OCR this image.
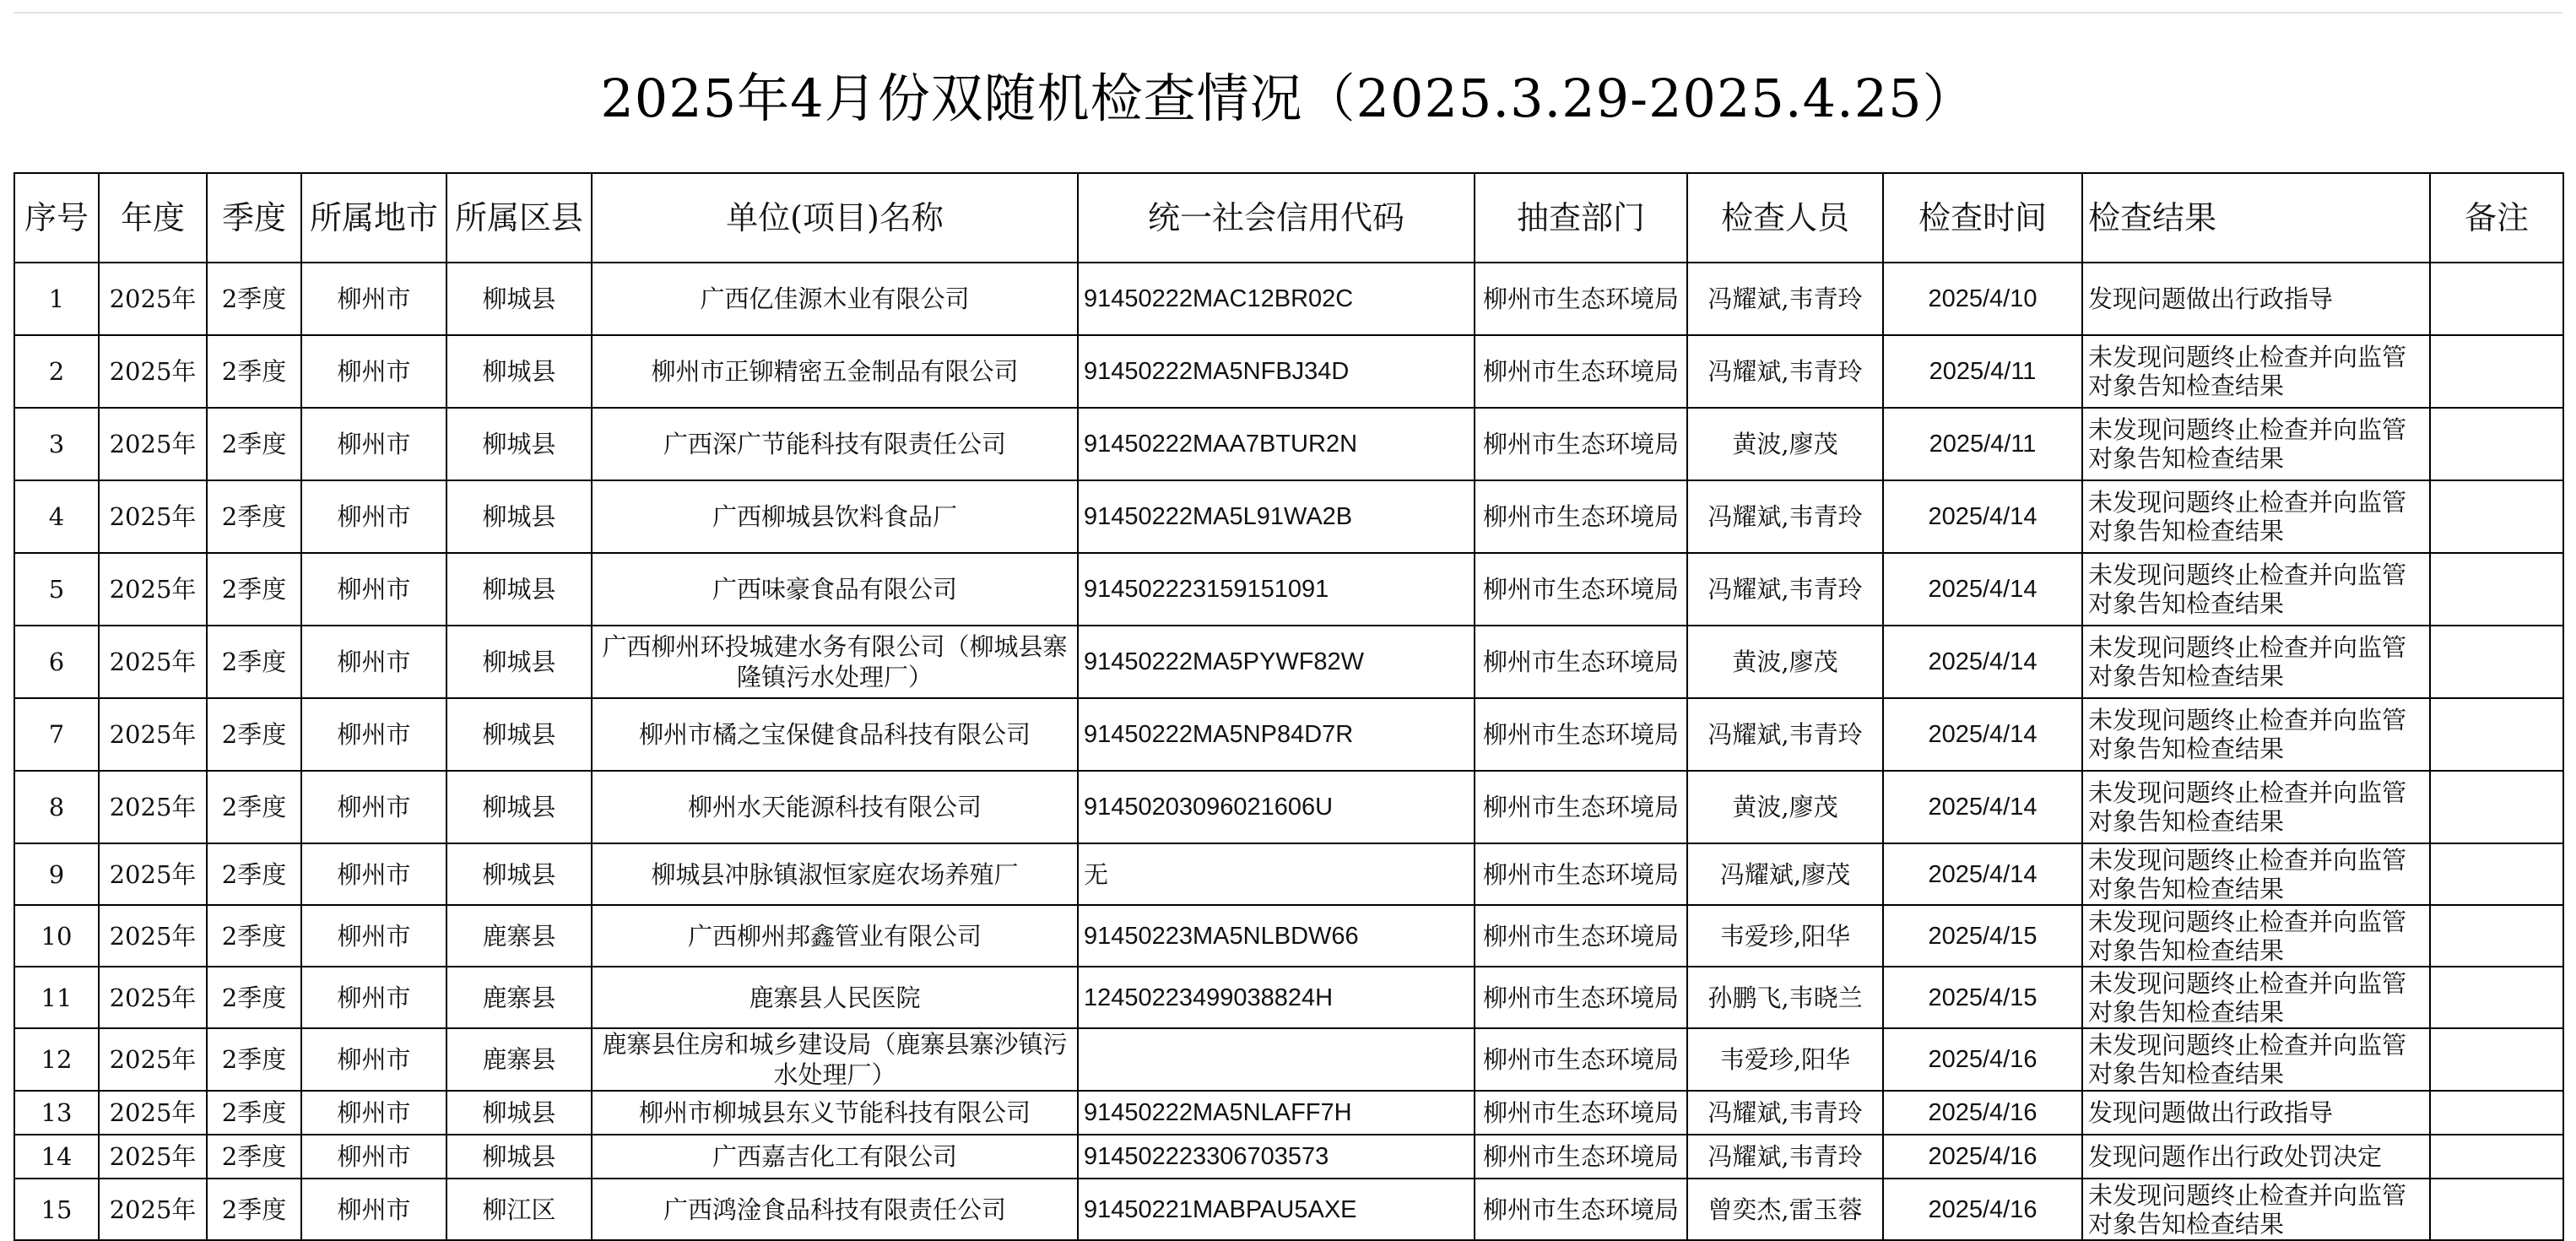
2025年4月份双随机检查情况（2025.3.29-2025.4.25）
序号	年度	季度	所属地市	所属区县	单位(项目)名称	统一社会信用代码	抽查部门	检查人员	检查时间	检查结果	备注
1	2025年	2季度	柳州市	柳城县	广西亿佳源木业有限公司	91450222MAC12BR02C	柳州市生态环境局	冯耀斌,韦青玲	2025/4/10	发现问题做出行政指导	
2	2025年	2季度	柳州市	柳城县	柳州市正铆精密五金制品有限公司	91450222MA5NFBJ34D	柳州市生态环境局	冯耀斌,韦青玲	2025/4/11	未发现问题终止检查并向监管对象告知检查结果	
3	2025年	2季度	柳州市	柳城县	广西深广节能科技有限责任公司	91450222MAA7BTUR2N	柳州市生态环境局	黄波,廖茂	2025/4/11	未发现问题终止检查并向监管对象告知检查结果	
4	2025年	2季度	柳州市	柳城县	广西柳城县饮料食品厂	91450222MA5L91WA2B	柳州市生态环境局	冯耀斌,韦青玲	2025/4/14	未发现问题终止检查并向监管对象告知检查结果	
5	2025年	2季度	柳州市	柳城县	广西味豪食品有限公司	914502223159151091	柳州市生态环境局	冯耀斌,韦青玲	2025/4/14	未发现问题终止检查并向监管对象告知检查结果	
6	2025年	2季度	柳州市	柳城县	广西柳州环投城建水务有限公司（柳城县寨隆镇污水处理厂）	91450222MA5PYWF82W	柳州市生态环境局	黄波,廖茂	2025/4/14	未发现问题终止检查并向监管对象告知检查结果	
7	2025年	2季度	柳州市	柳城县	柳州市橘之宝保健食品科技有限公司	91450222MA5NP84D7R	柳州市生态环境局	冯耀斌,韦青玲	2025/4/14	未发现问题终止检查并向监管对象告知检查结果	
8	2025年	2季度	柳州市	柳城县	柳州水天能源科技有限公司	91450203096021606U	柳州市生态环境局	黄波,廖茂	2025/4/14	未发现问题终止检查并向监管对象告知检查结果	
9	2025年	2季度	柳州市	柳城县	柳城县冲脉镇淑恒家庭农场养殖厂	无	柳州市生态环境局	冯耀斌,廖茂	2025/4/14	未发现问题终止检查并向监管对象告知检查结果	
10	2025年	2季度	柳州市	鹿寨县	广西柳州邦鑫管业有限公司	91450223MA5NLBDW66	柳州市生态环境局	韦爱珍,阳华	2025/4/15	未发现问题终止检查并向监管对象告知检查结果	
11	2025年	2季度	柳州市	鹿寨县	鹿寨县人民医院	12450223499038824H	柳州市生态环境局	孙鹏飞,韦晓兰	2025/4/15	未发现问题终止检查并向监管对象告知检查结果	
12	2025年	2季度	柳州市	鹿寨县	鹿寨县住房和城乡建设局（鹿寨县寨沙镇污水处理厂）		柳州市生态环境局	韦爱珍,阳华	2025/4/16	未发现问题终止检查并向监管对象告知检查结果	
13	2025年	2季度	柳州市	柳城县	柳州市柳城县东义节能科技有限公司	91450222MA5NLAFF7H	柳州市生态环境局	冯耀斌,韦青玲	2025/4/16	发现问题做出行政指导	
14	2025年	2季度	柳州市	柳城县	广西嘉吉化工有限公司	914502223306703573	柳州市生态环境局	冯耀斌,韦青玲	2025/4/16	发现问题作出行政处罚决定	
15	2025年	2季度	柳州市	柳江区	广西鸿淦食品科技有限责任公司	91450221MABPAU5AXE	柳州市生态环境局	曾奕杰,雷玉蓉	2025/4/16	未发现问题终止检查并向监管对象告知检查结果	
